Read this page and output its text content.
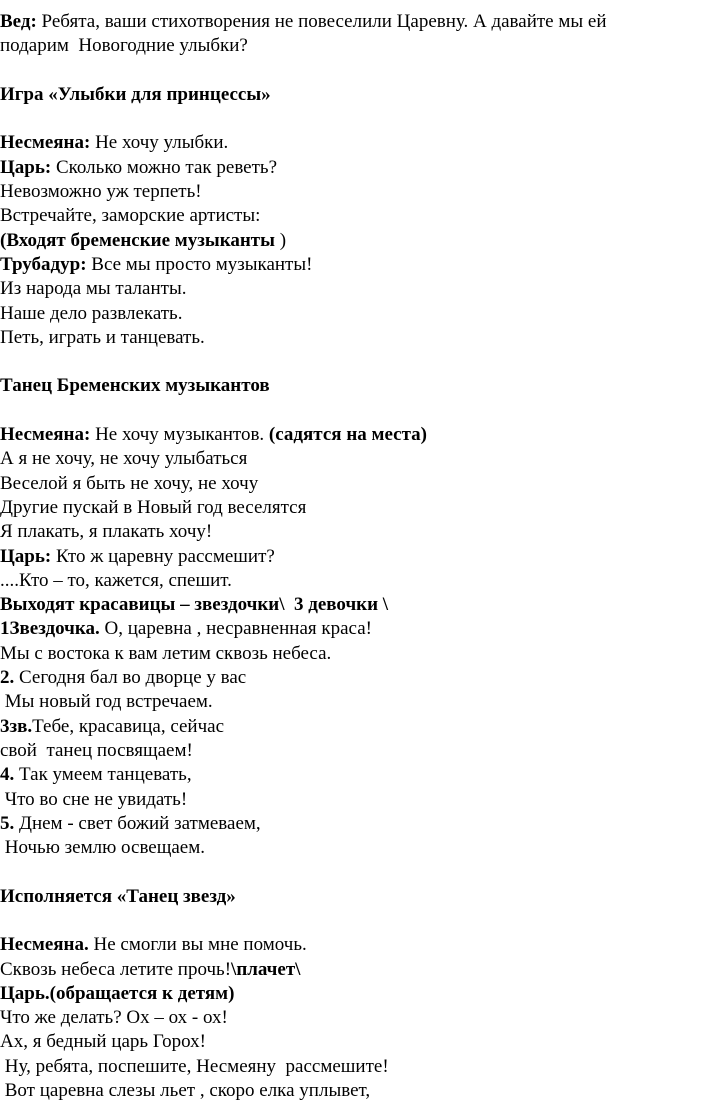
Вед: Ребята, ваши стихотворения не повеселили Царевну. А давайте мы ей

подарим  Новогодние улыбки?

Игра «Улыбки для принцессы»

Несмеяна: Не хочу улыбки.

Царь: Сколько можно так реветь?

Невозможно уж терпеть!

Встречайте, заморские артисты:

(Входят бременские музыканты )

Трубадур: Все мы просто музыканты!

Из народа мы таланты.

Наше дело развлекать.

Петь, играть и танцевать.

Танец Бременских музыкантов

Несмеяна: Не хочу музыкантов. (садятся на места)

А я не хочу, не хочу улыбаться

Веселой я быть не хочу, не хочу

Другие пускай в Новый год веселятся

Я плакать, я плакать хочу!

Царь: Кто ж царевну рассмешит?

....Кто – то, кажется, спешит.

Выходят красавицы – звездочки\  3 девочки \

1Звездочка. О, царевна , несравненная краса!

Мы с востока к вам летим сквозь небеса.

2. Сегодня бал во дворце у вас

Мы новый год встречаем.

3зв.Тебе, красавица, сейчас

свой  танец посвящаем!

4. Так умеем танцевать,

Что во сне не увидать!

5. Днем - свет божий затмеваем,

Ночью землю освещаем.

Исполняется «Танец звезд»

Несмеяна. Не смогли вы мне помочь.

Сквозь небеса летите прочь!\плачет\

Царь.(обращается к детям)

Что же делать? Ох – ох - ох!

Ах, я бедный царь Горох!

Ну, ребята, поспешите, Несмеяну  рассмешите!

Вот царевна слезы льет , скоро елка уплывет,
